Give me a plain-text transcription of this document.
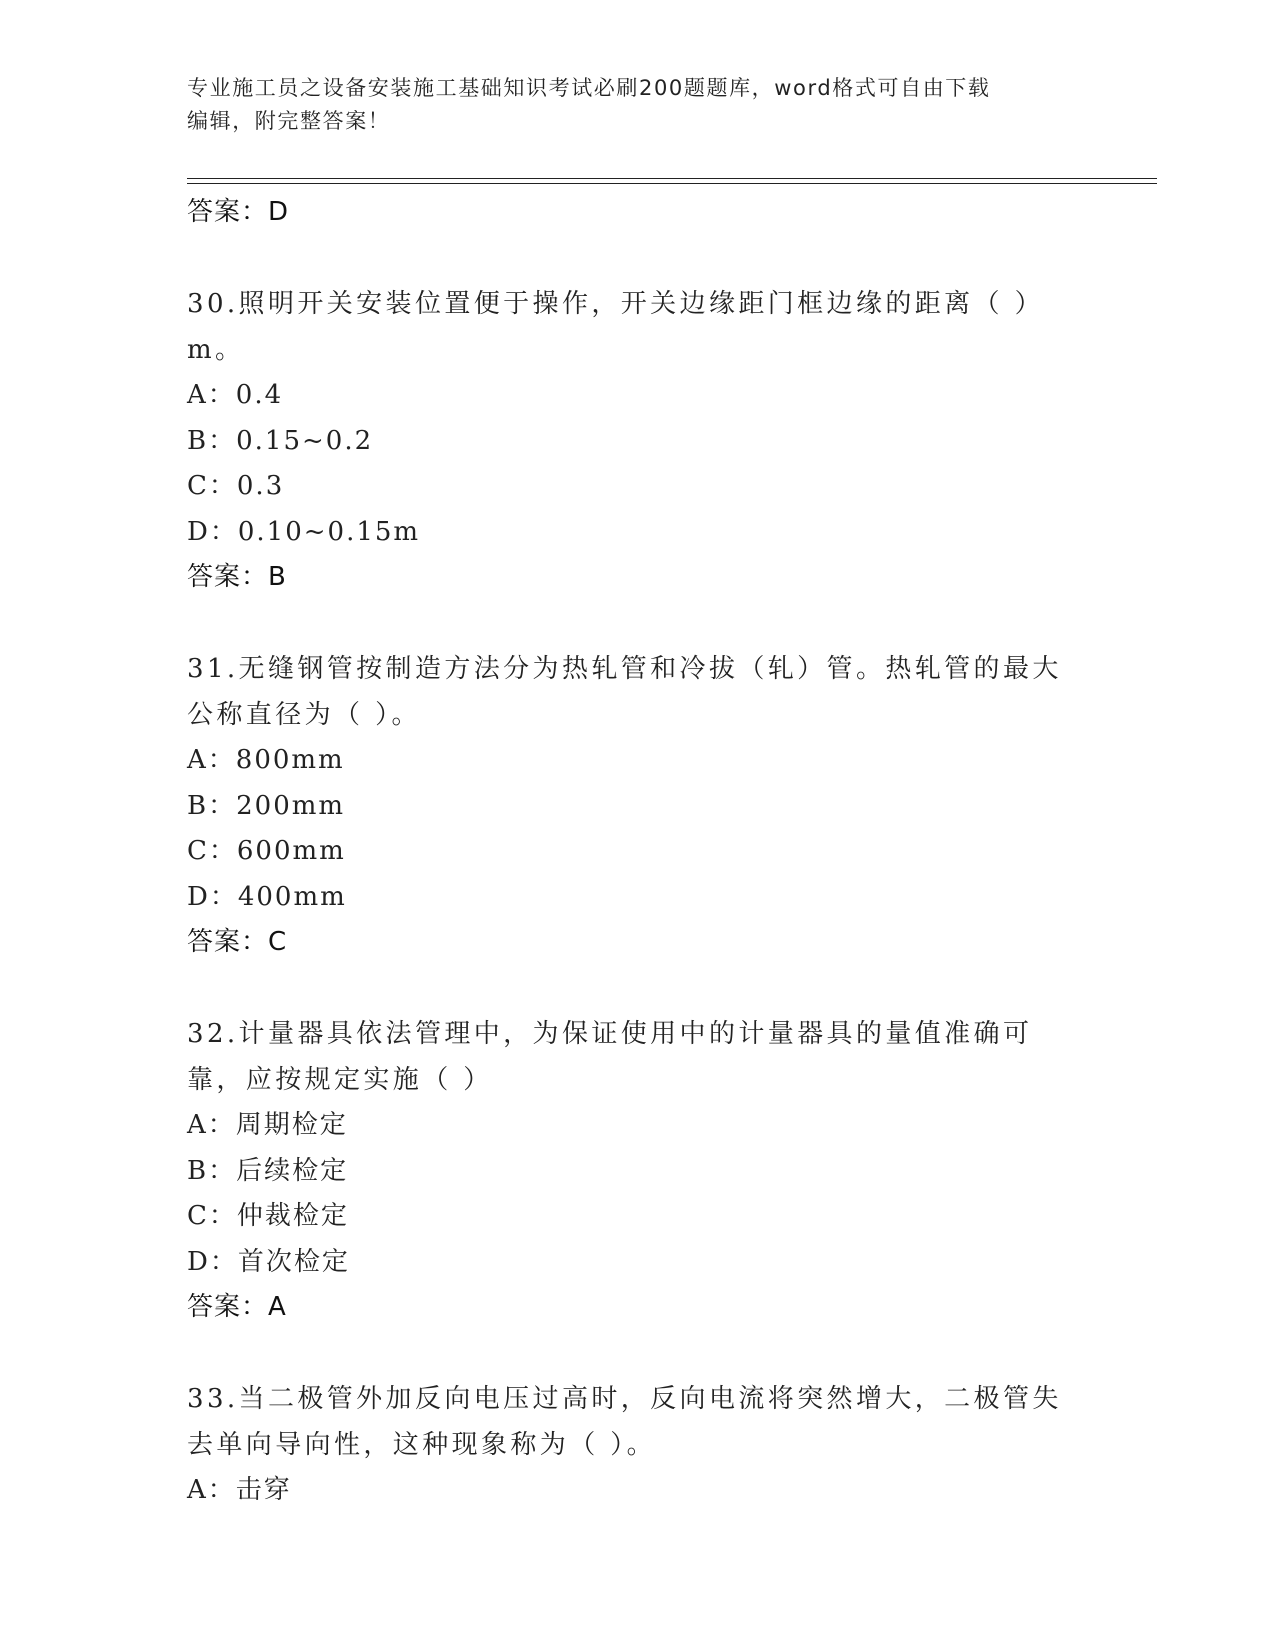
专业施工员之设备安装施工基础知识考试必刷200题题库，word格式可自由下载
编辑，附完整答案！
答案：D
30.照明开关安装位置便于操作，开关边缘距门框边缘的距离（ ）m。
A：0.4
B：0.15~0.2
C：0.3
D：0.10~0.15m
答案：B
31.无缝钢管按制造方法分为热轧管和冷拔（轧）管。热轧管的最大公称直径为（ ）。
A：800mm
B：200mm
C：600mm
D：400mm
答案：C
32.计量器具依法管理中，为保证使用中的计量器具的量值准确可靠，应按规定实施（ ）
A：周期检定
B：后续检定
C：仲裁检定
D：首次检定
答案：A
33.当二极管外加反向电压过高时，反向电流将突然增大，二极管失去单向导向性，这种现象称为（ ）。
A：击穿
